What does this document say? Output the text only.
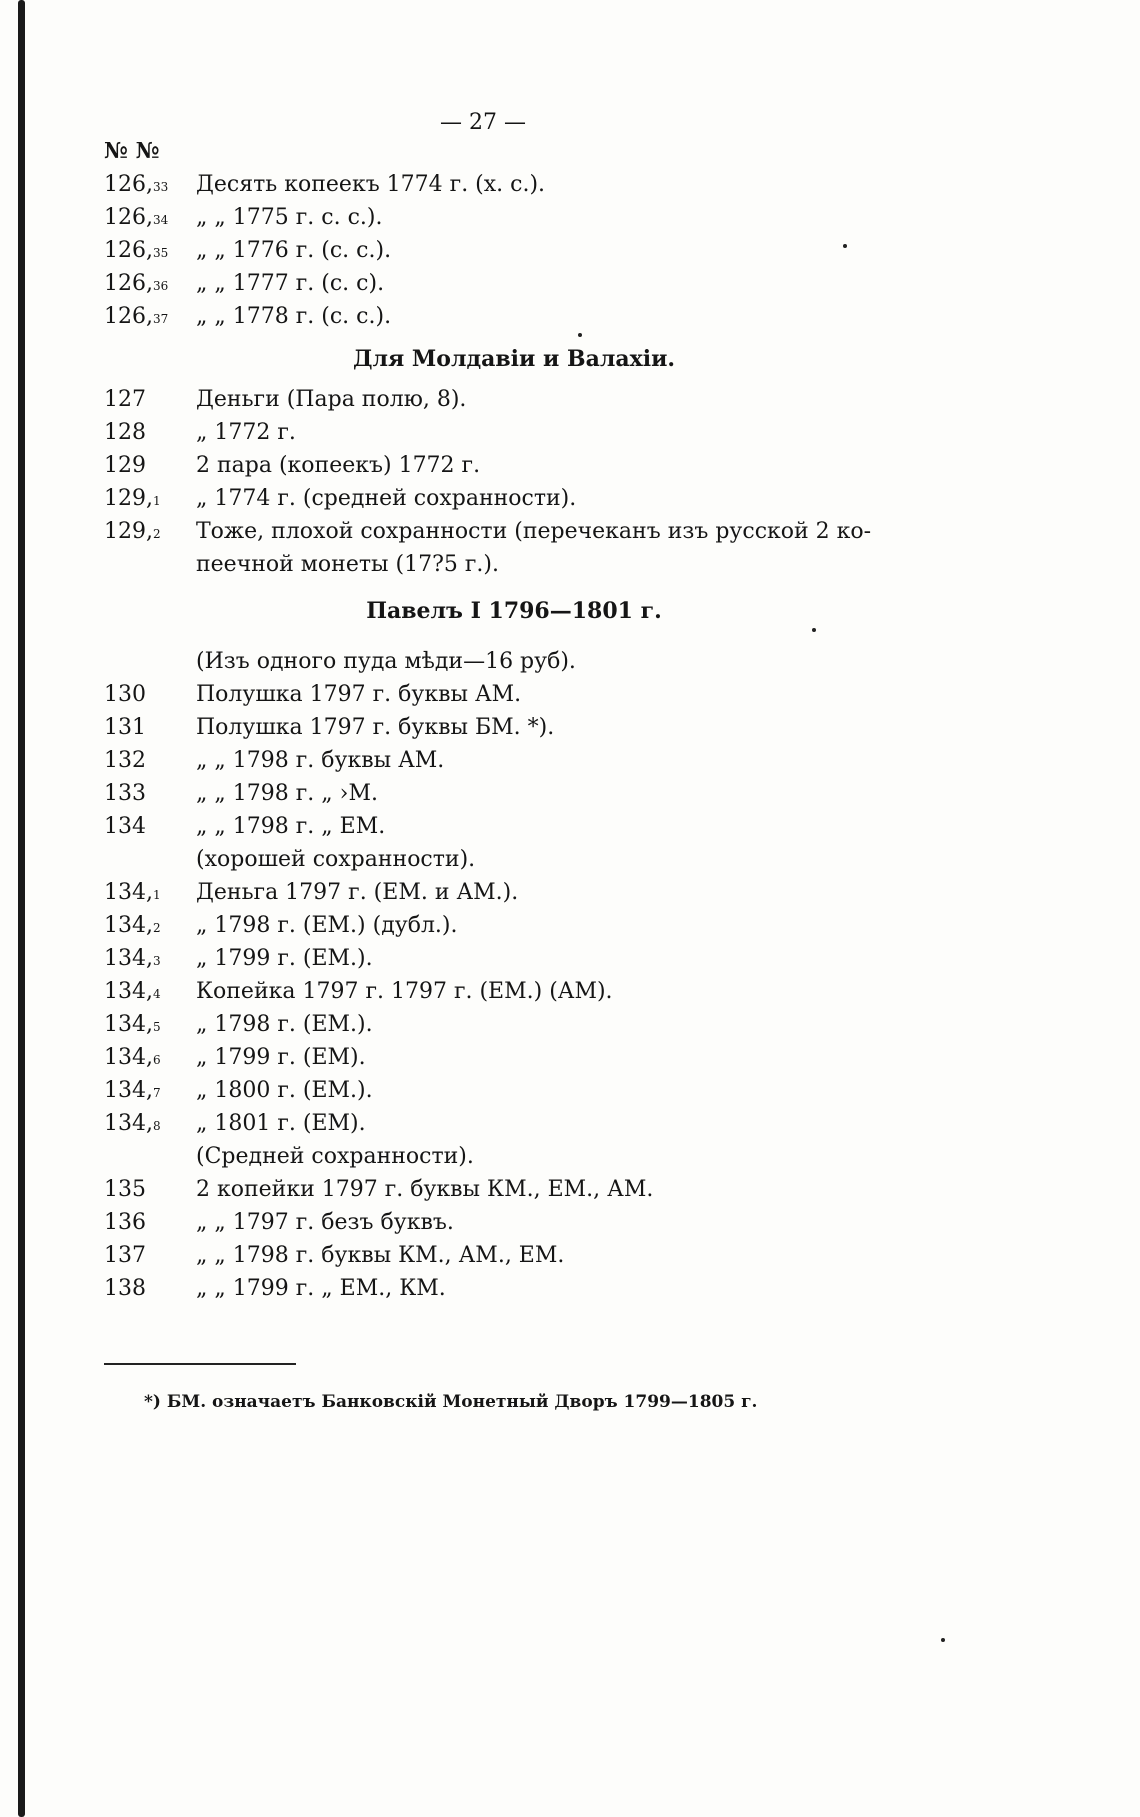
— 27 —
№ №
126,33	Десять копеекъ 1774 г. (х. с.).
126,34	„ „ 1775 г. с. с.).
126,35	„ „ 1776 г. (с. с.).
126,36	„ „ 1777 г. (с. с).
126,37	„ „ 1778 г. (с. с.).
Для Молдавіи и Валахіи.
127	Деньги (Пара полю, 8).
128	„ 1772 г.
129	2 пара (копеекъ) 1772 г.
129,1	„ 1774 г. (средней сохранности).
129,2	Тоже, плохой сохранности (перечеканъ изъ русской 2 ко-
пеечной монеты (17?5 г.).
Павелъ I 1796—1801 г.
(Изъ одного пуда мѣди—16 руб).
130	Полушка 1797 г. буквы АМ.
131	Полушка 1797 г. буквы БМ. *).
132	„ „ 1798 г. буквы АМ.
133	„ „ 1798 г. „ ›М.
134	„ „ 1798 г. „ ЕМ.
(хорошей сохранности).
134,1	Деньга 1797 г. (ЕМ. и АМ.).
134,2	„ 1798 г. (ЕМ.) (дубл.).
134,3	„ 1799 г. (ЕМ.).
134,4	Копейка 1797 г. 1797 г. (ЕМ.) (АМ).
134,5	„ 1798 г. (ЕМ.).
134,6	„ 1799 г. (ЕМ).
134,7	„ 1800 г. (ЕМ.).
134,8	„ 1801 г. (ЕМ).
(Средней сохранности).
135	2 копейки 1797 г. буквы КМ., ЕМ., АМ.
136	„ „ 1797 г. безъ буквъ.
137	„ „ 1798 г. буквы КМ., АМ., ЕМ.
138	„ „ 1799 г. „ ЕМ., КМ.
*) БМ. означаетъ Банковскій Монетный Дворъ 1799—1805 г.
